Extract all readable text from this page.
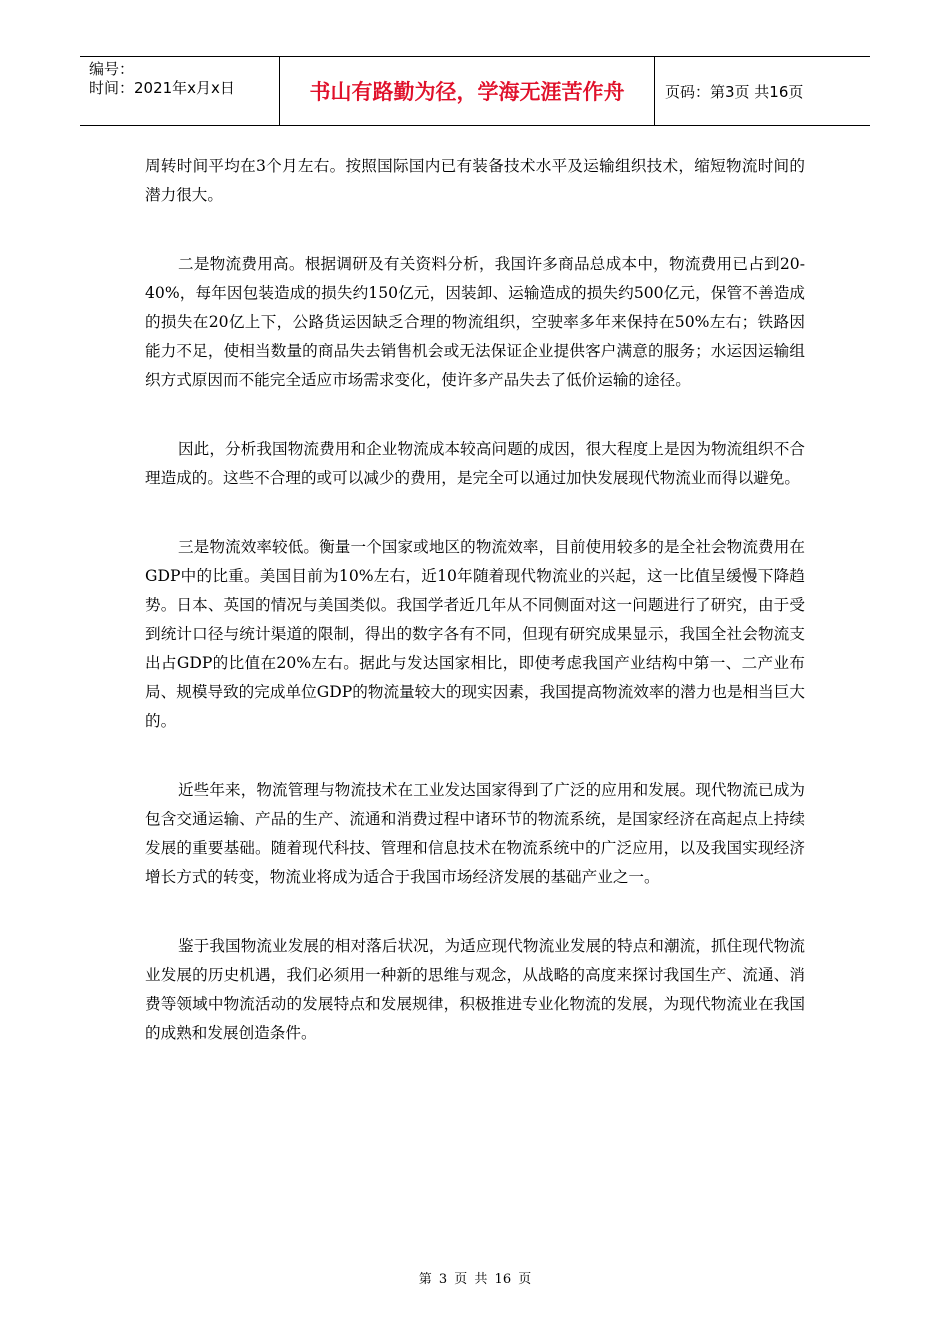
编号：
时间：2021年x月x日	书山有路勤为径，学海无涯苦作舟	页码：第3页 共16页

周转时间平均在3个月左右。按照国际国内已有装备技术水平及运输组织技术，缩短物流时间的潜力很大。

二是物流费用高。根据调研及有关资料分析，我国许多商品总成本中，物流费用已占到20-40%，每年因包装造成的损失约150亿元，因装卸、运输造成的损失约500亿元，保管不善造成的损失在20亿上下，公路货运因缺乏合理的物流组织，空驶率多年来保持在50%左右；铁路因能力不足，使相当数量的商品失去销售机会或无法保证企业提供客户满意的服务；水运因运输组织方式原因而不能完全适应市场需求变化，使许多产品失去了低价运输的途径。

因此，分析我国物流费用和企业物流成本较高问题的成因，很大程度上是因为物流组织不合理造成的。这些不合理的或可以减少的费用，是完全可以通过加快发展现代物流业而得以避免。

三是物流效率较低。衡量一个国家或地区的物流效率，目前使用较多的是全社会物流费用在GDP中的比重。美国目前为10%左右，近10年随着现代物流业的兴起，这一比值呈缓慢下降趋势。日本、英国的情况与美国类似。我国学者近几年从不同侧面对这一问题进行了研究，由于受到统计口径与统计渠道的限制，得出的数字各有不同，但现有研究成果显示，我国全社会物流支出占GDP的比值在20%左右。据此与发达国家相比，即使考虑我国产业结构中第一、二产业布局、规模导致的完成单位GDP的物流量较大的现实因素，我国提高物流效率的潜力也是相当巨大的。

近些年来，物流管理与物流技术在工业发达国家得到了广泛的应用和发展。现代物流已成为包含交通运输、产品的生产、流通和消费过程中诸环节的物流系统，是国家经济在高起点上持续发展的重要基础。随着现代科技、管理和信息技术在物流系统中的广泛应用，以及我国实现经济增长方式的转变，物流业将成为适合于我国市场经济发展的基础产业之一。

鉴于我国物流业发展的相对落后状况，为适应现代物流业发展的特点和潮流，抓住现代物流业发展的历史机遇，我们必须用一种新的思维与观念，从战略的高度来探讨我国生产、流通、消费等领域中物流活动的发展特点和发展规律，积极推进专业化物流的发展，为现代物流业在我国的成熟和发展创造条件。

第 3 页 共 16 页
